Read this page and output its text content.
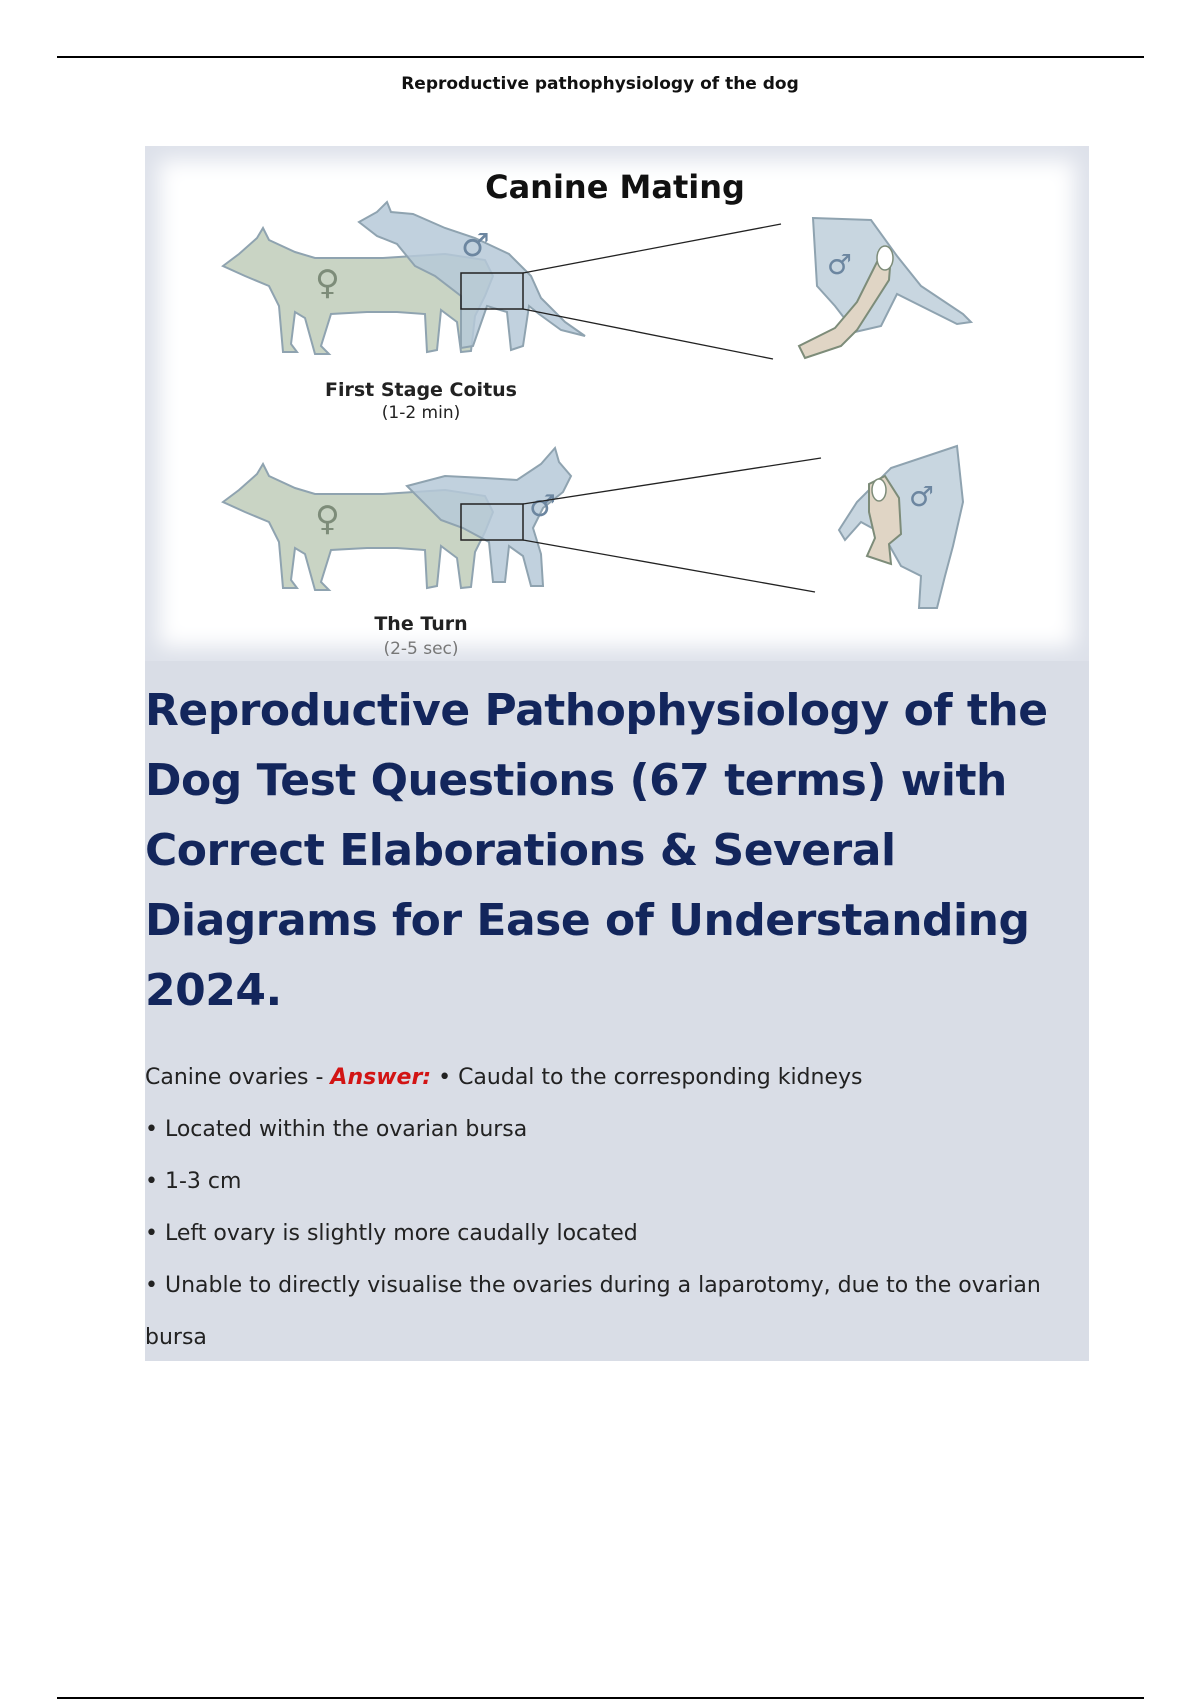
Reproductive pathophysiology of the dog
Canine Mating
♀
♂
♂
First Stage Coitus
(1-2 min)
♀	♂	♂
The Turn
(2-5 sec)
Reproductive Pathophysiology of the Dog Test Questions (67 terms) with Correct Elaborations & Several Diagrams for Ease of Understanding 2024.

Canine ovaries - Answer: • Caudal to the corresponding kidneys

• Located within the ovarian bursa

• 1-3 cm

• Left ovary is slightly more caudally located

• Unable to directly visualise the ovaries during a laparotomy, due to the ovarian bursa
